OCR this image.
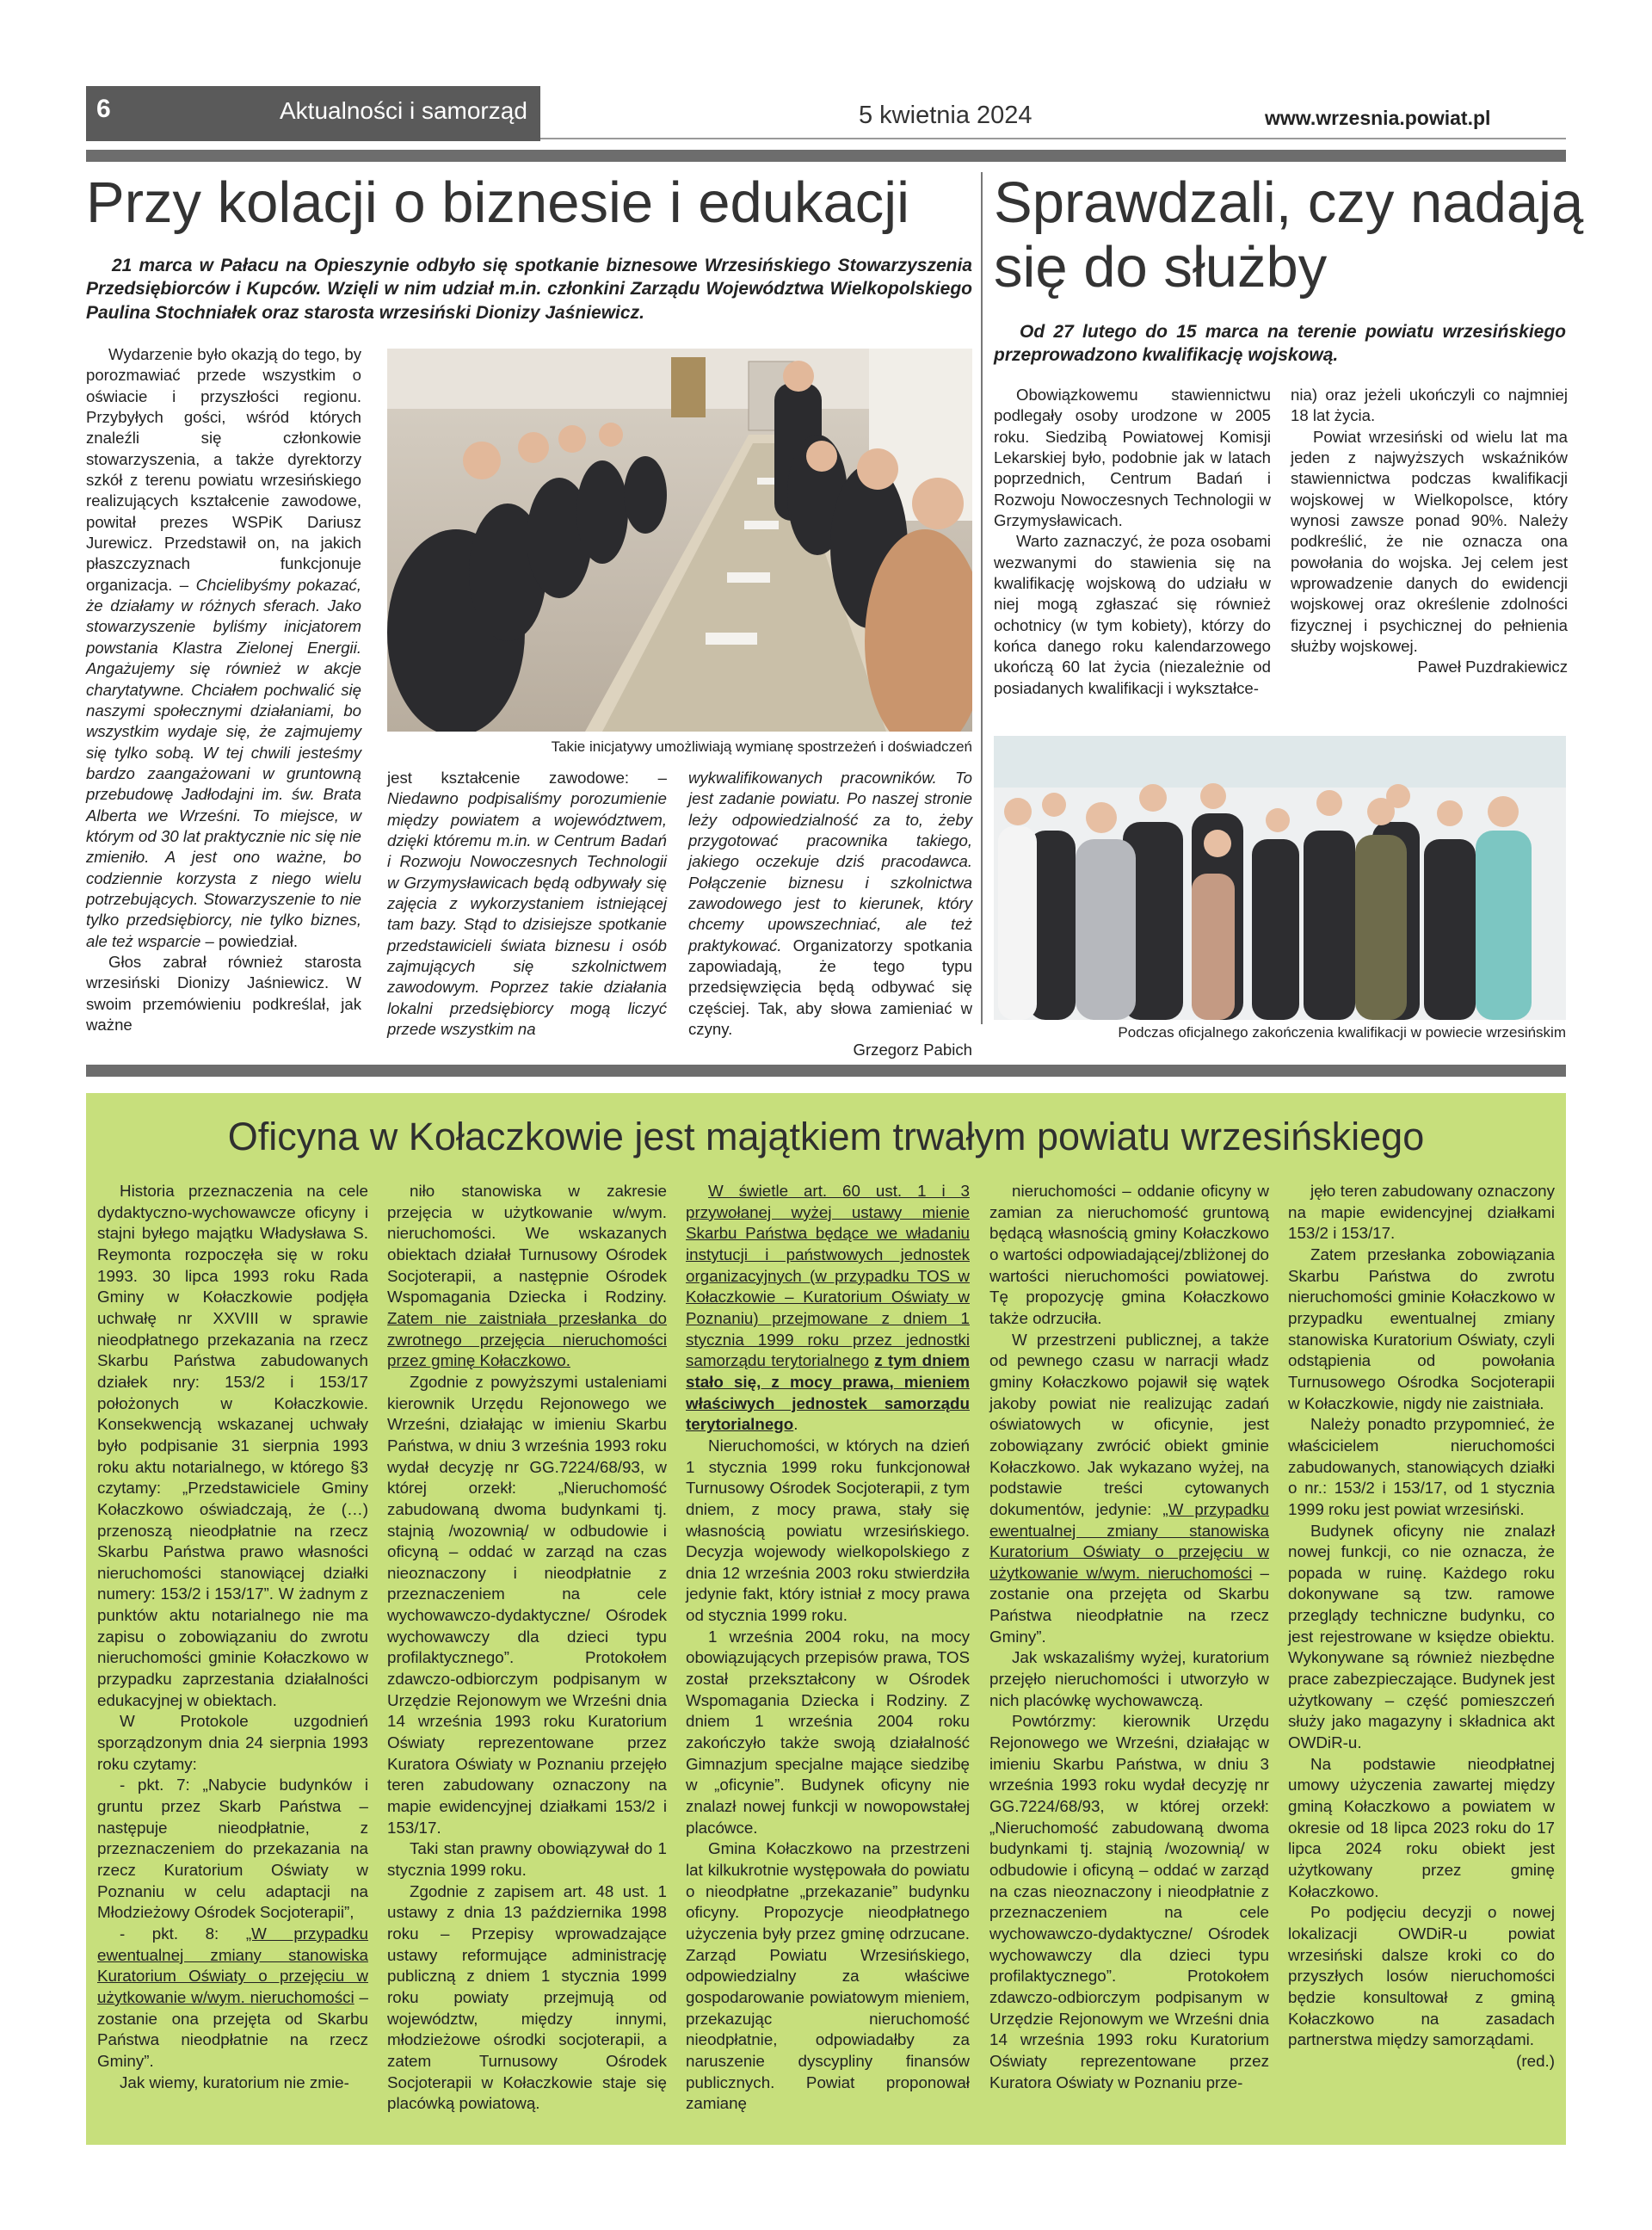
6	Aktualności i samorząd	5 kwietnia 2024	www.wrzesnia.powiat.pl
Przy kolacji o biznesie i edukacji
21 marca w Pałacu na Opieszynie odbyło się spotkanie biznesowe Wrzesińskiego Stowarzyszenia Przedsiębiorców i Kupców. Wzięli w nim udział m.in. członkini Zarządu Województwa Wielkopolskiego Paulina Stochniałek oraz starosta wrzesiński Dionizy Jaśniewicz.

Wydarzenie było okazją do tego, by porozmawiać przede wszystkim o oświacie i przyszłości regionu. Przybyłych gości, wśród których znaleźli się członkowie stowarzyszenia, a także dyrektorzy szkół z terenu powiatu wrzesińskiego realizujących kształcenie zawodowe, powitał prezes WSPiK Dariusz Jurewicz. Przedstawił on, na jakich płaszczyznach funkcjonuje organizacja. – Chcielibyśmy pokazać, że działamy w różnych sferach. Jako stowarzyszenie byliśmy inicjatorem powstania Klastra Zielonej Energii. Angażujemy się również w akcje charytatywne. Chciałem pochwalić się naszymi społecznymi działaniami, bo wszystkim wydaje się, że zajmujemy się tylko sobą. W tej chwili jesteśmy bardzo zaangażowani w gruntowną przebudowę Jadłodajni im. św. Brata Alberta we Wrześni. To miejsce, w którym od 30 lat praktycznie nic się nie zmieniło. A jest ono ważne, bo codziennie korzysta z niego wielu potrzebujących. Stowarzyszenie to nie tylko przedsiębiorcy, nie tylko biznes, ale też wsparcie – powiedział.

Głos zabrał również starosta wrzesiński Dionizy Jaśniewicz. W swoim przemówieniu podkreślał, jak ważne

Takie inicjatywy umożliwiają wymianę spostrzeżeń i doświadczeń

jest kształcenie zawodowe: – Niedawno podpisaliśmy porozumienie między powiatem a województwem, dzięki któremu m.in. w Centrum Badań i Rozwoju Nowoczesnych Technologii w Grzymysławicach będą odbywały się zajęcia z wykorzystaniem istniejącej tam bazy. Stąd to dzisiejsze spotkanie przedstawicieli świata biznesu i osób zajmujących się szkolnictwem zawodowym. Poprzez takie działania lokalni przedsiębiorcy mogą liczyć przede wszystkim na

wykwalifikowanych pracowników. To jest zadanie powiatu. Po naszej stronie leży odpowiedzialność za to, żeby przygotować pracownika takiego, jakiego oczekuje dziś pracodawca. Połączenie biznesu i szkolnictwa zawodowego jest to kierunek, który chcemy upowszechniać, ale też praktykować. Organizatorzy spotkania zapowiadają, że tego typu przedsięwzięcia będą odbywać się częściej. Tak, aby słowa zamieniać w czyny.

Grzegorz Pabich

Sprawdzali, czy nadają
się do służby
Od 27 lutego do 15 marca na terenie powiatu wrzesińskiego przeprowadzono kwalifikację wojskową.

Obowiązkowemu stawiennictwu podlegały osoby urodzone w 2005 roku. Siedzibą Powiatowej Komisji Lekarskiej było, podobnie jak w latach poprzednich, Centrum Badań i Rozwoju Nowoczesnych Technologii w Grzymysławicach.

Warto zaznaczyć, że poza osobami wezwanymi do stawienia się na kwalifikację wojskową do udziału w niej mogą zgłaszać się również ochotnicy (w tym kobiety), którzy do końca danego roku kalendarzowego ukończą 60 lat życia (niezależnie od posiadanych kwalifikacji i wykształce-

nia) oraz jeżeli ukończyli co najmniej 18 lat życia.

Powiat wrzesiński od wielu lat ma jeden z najwyższych wskaźników stawiennictwa podczas kwalifikacji wojskowej w Wielkopolsce, który wynosi zawsze ponad 90%. Należy podkreślić, że nie oznacza ona powołania do wojska. Jej celem jest wprowadzenie danych do ewidencji wojskowej oraz określenie zdolności fizycznej i psychicznej do pełnienia służby wojskowej.

Paweł Puzdrakiewicz

Podczas oficjalnego zakończenia kwalifikacji w powiecie wrzesińskim
Oficyna w Kołaczkowie jest majątkiem trwałym powiatu wrzesińskiego

Historia przeznaczenia na cele dydaktyczno-wychowawcze oficyny i stajni byłego majątku Władysława S. Reymonta rozpoczęła się w roku 1993. 30 lipca 1993 roku Rada Gminy w Kołaczkowie podjęła uchwałę nr XXVIII w sprawie nieodpłatnego przekazania na rzecz Skarbu Państwa zabudowanych działek nry: 153/2 i 153/17 położonych w Kołaczkowie. Konsekwencją wskazanej uchwały było podpisanie 31 sierpnia 1993 roku aktu notarialnego, w którego §3 czytamy: „Przedstawiciele Gminy Kołaczkowo oświadczają, że (…) przenoszą nieodpłatnie na rzecz Skarbu Państwa prawo własności nieruchomości stanowiącej działki numery: 153/2 i 153/17”. W żadnym z punktów aktu notarialnego nie ma zapisu o zobowiązaniu do zwrotu nieruchomości gminie Kołaczkowo w przypadku zaprzestania działalności edukacyjnej w obiektach.

W Protokole uzgodnień sporządzonym dnia 24 sierpnia 1993 roku czytamy:

- pkt. 7: „Nabycie budynków i gruntu przez Skarb Państwa – następuje nieodpłatnie, z przeznaczeniem do przekazania na rzecz Kuratorium Oświaty w Poznaniu w celu adaptacji na Młodzieżowy Ośrodek Socjoterapii”,

- pkt. 8: „W przypadku ewentualnej zmiany stanowiska Kuratorium Oświaty o przejęciu w użytkowanie w/wym. nieruchomości – zostanie ona przejęta od Skarbu Państwa nieodpłatnie na rzecz Gminy”.

Jak wiemy, kuratorium nie zmie-

niło stanowiska w zakresie przejęcia w użytkowanie w/wym. nieruchomości. We wskazanych obiektach działał Turnusowy Ośrodek Socjoterapii, a następnie Ośrodek Wspomagania Dziecka i Rodziny. Zatem nie zaistniała przesłanka do zwrotnego przejęcia nieruchomości przez gminę Kołaczkowo.

Zgodnie z powyższymi ustaleniami kierownik Urzędu Rejonowego we Wrześni, działając w imieniu Skarbu Państwa, w dniu 3 września 1993 roku wydał decyzję nr GG.7224/68/93, w której orzekł: „Nieruchomość zabudowaną dwoma budynkami tj. stajnią /wozownią/ w odbudowie i oficyną – oddać w zarząd na czas nieoznaczony i nieodpłatnie z przeznaczeniem na cele wychowawczo-dydaktyczne/ Ośrodek wychowawczy dla dzieci typu profilaktycznego”. Protokołem zdawczo-odbiorczym podpisanym w Urzędzie Rejonowym we Wrześni dnia 14 września 1993 roku Kuratorium Oświaty reprezentowane przez Kuratora Oświaty w Poznaniu przejęło teren zabudowany oznaczony na mapie ewidencyjnej działkami 153/2 i 153/17.

Taki stan prawny obowiązywał do 1 stycznia 1999 roku.

Zgodnie z zapisem art. 48 ust. 1 ustawy z dnia 13 października 1998 roku – Przepisy wprowadzające ustawy reformujące administrację publiczną z dniem 1 stycznia 1999 roku powiaty przejmują od województw, między innymi, młodzieżowe ośrodki socjoterapii, a zatem Turnusowy Ośrodek Socjoterapii w Kołaczkowie staje się placówką powiatową.

W świetle art. 60 ust. 1 i 3 przywołanej wyżej ustawy mienie Skarbu Państwa będące we władaniu instytucji i państwowych jednostek organizacyjnych (w przypadku TOS w Kołaczkowie – Kuratorium Oświaty w Poznaniu) przejmowane z dniem 1 stycznia 1999 roku przez jednostki samorządu terytorialnego z tym dniem stało się, z mocy prawa, mieniem właściwych jednostek samorządu terytorialnego.

Nieruchomości, w których na dzień 1 stycznia 1999 roku funkcjonował Turnusowy Ośrodek Socjoterapii, z tym dniem, z mocy prawa, stały się własnością powiatu wrzesińskiego. Decyzja wojewody wielkopolskiego z dnia 12 września 2003 roku stwierdziła jedynie fakt, który istniał z mocy prawa od stycznia 1999 roku.

1 września 2004 roku, na mocy obowiązujących przepisów prawa, TOS został przekształcony w Ośrodek Wspomagania Dziecka i Rodziny. Z dniem 1 września 2004 roku zakończyło także swoją działalność Gimnazjum specjalne mające siedzibę w „oficynie”. Budynek oficyny nie znalazł nowej funkcji w nowopowstałej placówce.

Gmina Kołaczkowo na przestrzeni lat kilkukrotnie występowała do powiatu o nieodpłatne „przekazanie” budynku oficyny. Propozycje nieodpłatnego użyczenia były przez gminę odrzucane. Zarząd Powiatu Wrzesińskiego, odpowiedzialny za właściwe gospodarowanie powiatowym mieniem, przekazując nieruchomość nieodpłatnie, odpowiadałby za naruszenie dyscypliny finansów publicznych. Powiat proponował zamianę

nieruchomości – oddanie oficyny w zamian za nieruchomość gruntową będącą własnością gminy Kołaczkowo o wartości odpowiadającej/zbliżonej do wartości nieruchomości powiatowej. Tę propozycję gmina Kołaczkowo także odrzuciła.

W przestrzeni publicznej, a także od pewnego czasu w narracji władz gminy Kołaczkowo pojawił się wątek jakoby powiat nie realizując zadań oświatowych w oficynie, jest zobowiązany zwrócić obiekt gminie Kołaczkowo. Jak wykazano wyżej, na podstawie treści cytowanych dokumentów, jedynie: „W przypadku ewentualnej zmiany stanowiska Kuratorium Oświaty o przejęciu w użytkowanie w/wym. nieruchomości – zostanie ona przejęta od Skarbu Państwa nieodpłatnie na rzecz Gminy”.

Jak wskazaliśmy wyżej, kuratorium przejęło nieruchomości i utworzyło w nich placówkę wychowawczą.

Powtórzmy: kierownik Urzędu Rejonowego we Wrześni, działając w imieniu Skarbu Państwa, w dniu 3 września 1993 roku wydał decyzję nr GG.7224/68/93, w której orzekł: „Nieruchomość zabudowaną dwoma budynkami tj. stajnią /wozownią/ w odbudowie i oficyną – oddać w zarząd na czas nieoznaczony i nieodpłatnie z przeznaczeniem na cele wychowawczo-dydaktyczne/ Ośrodek wychowawczy dla dzieci typu profilaktycznego”. Protokołem zdawczo-odbiorczym podpisanym w Urzędzie Rejonowym we Wrześni dnia 14 września 1993 roku Kuratorium Oświaty reprezentowane przez Kuratora Oświaty w Poznaniu prze-

jęło teren zabudowany oznaczony na mapie ewidencyjnej działkami 153/2 i 153/17.

Zatem przesłanka zobowiązania Skarbu Państwa do zwrotu nieruchomości gminie Kołaczkowo w przypadku ewentualnej zmiany stanowiska Kuratorium Oświaty, czyli odstąpienia od powołania Turnusowego Ośrodka Socjoterapii w Kołaczkowie, nigdy nie zaistniała.

Należy ponadto przypomnieć, że właścicielem nieruchomości zabudowanych, stanowiących działki o nr.: 153/2 i 153/17, od 1 stycznia 1999 roku jest powiat wrzesiński.

Budynek oficyny nie znalazł nowej funkcji, co nie oznacza, że popada w ruinę. Każdego roku dokonywane są tzw. ramowe przeglądy techniczne budynku, co jest rejestrowane w księdze obiektu. Wykonywane są również niezbędne prace zabezpieczające. Budynek jest użytkowany – część pomieszczeń służy jako magazyny i składnica akt OWDiR-u.

Na podstawie nieodpłatnej umowy użyczenia zawartej między gminą Kołaczkowo a powiatem w okresie od 18 lipca 2023 roku do 17 lipca 2024 roku obiekt jest użytkowany przez gminę Kołaczkowo.

Po podjęciu decyzji o nowej lokalizacji OWDiR-u powiat wrzesiński dalsze kroki co do przyszłych losów nieruchomości będzie konsultował z gminą Kołaczkowo na zasadach partnerstwa między samorządami.

(red.)
